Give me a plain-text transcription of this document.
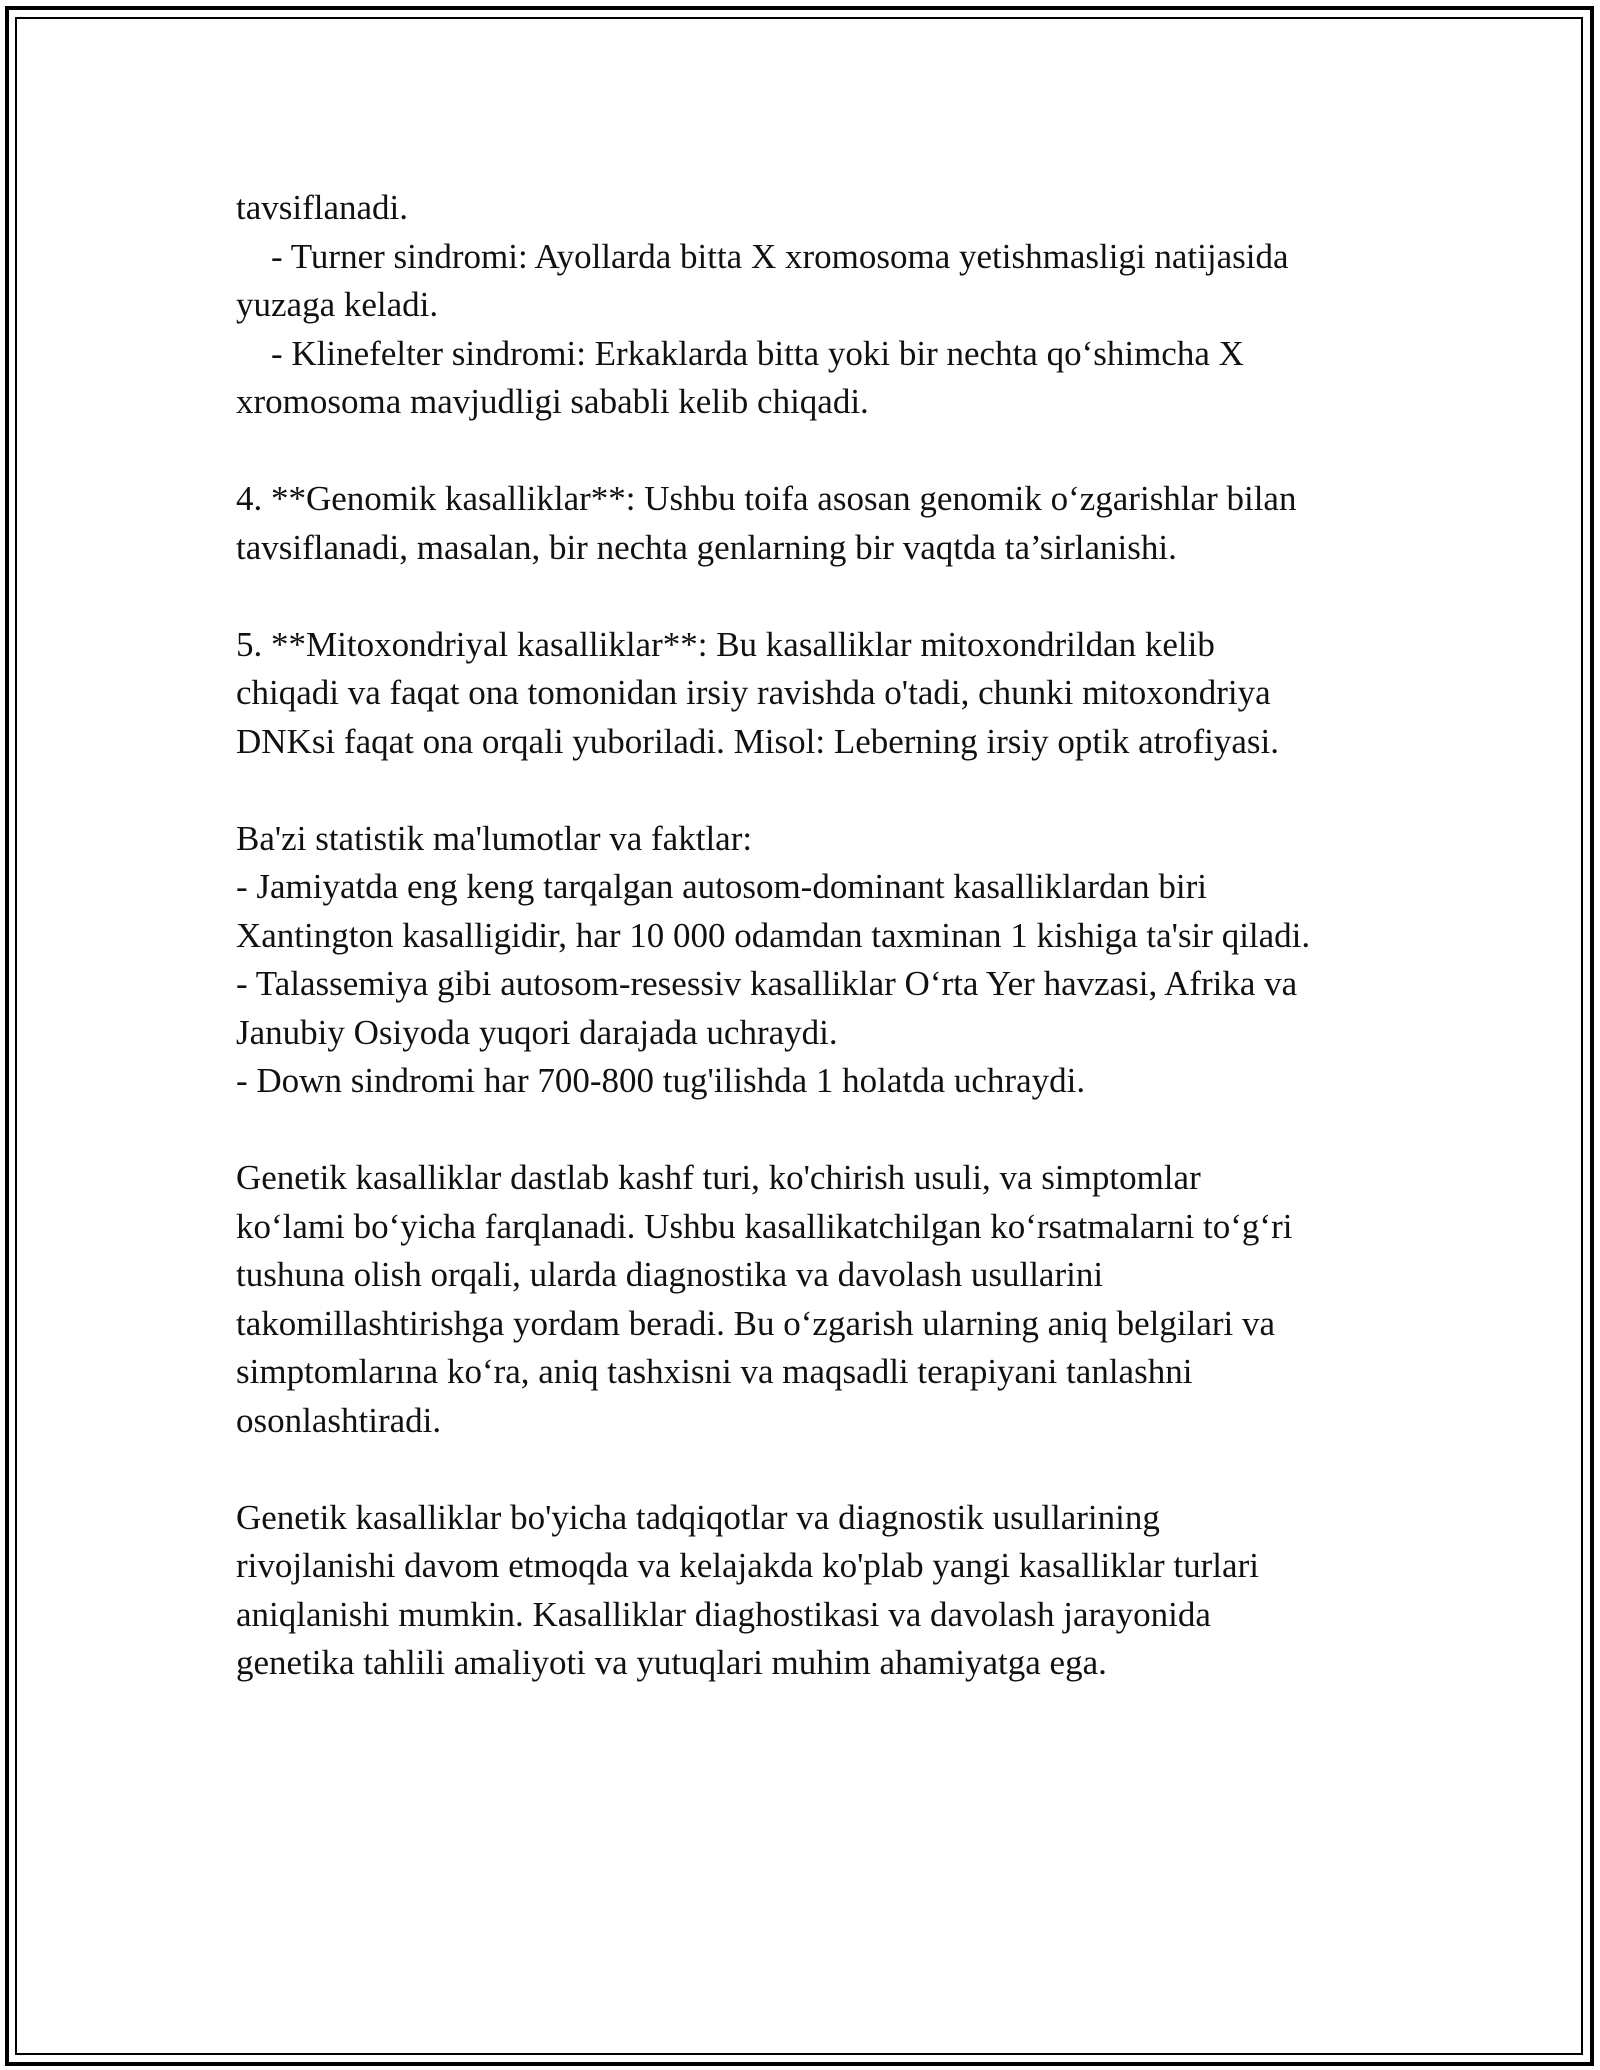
tavsiflanadi.
- Turner sindromi: Ayollarda bitta X xromosoma yetishmasligi natijasida
yuzaga keladi.
- Klinefelter sindromi: Erkaklarda bitta yoki bir nechta qo‘shimcha X
xromosoma mavjudligi sababli kelib chiqadi.
4. **Genomik kasalliklar**: Ushbu toifa asosan genomik o‘zgarishlar bilan
tavsiflanadi, masalan, bir nechta genlarning bir vaqtda ta’sirlanishi.
5. **Mitoxondriyal kasalliklar**: Bu kasalliklar mitoxondrildan kelib
chiqadi va faqat ona tomonidan irsiy ravishda o'tadi, chunki mitoxondriya
DNKsi faqat ona orqali yuboriladi. Misol: Leberning irsiy optik atrofiyasi.
Ba'zi statistik ma'lumotlar va faktlar:
- Jamiyatda eng keng tarqalgan autosom-dominant kasalliklardan biri
Xantington kasalligidir, har 10 000 odamdan taxminan 1 kishiga ta'sir qiladi.
- Talassemiya gibi autosom-resessiv kasalliklar O‘rta Yer havzasi, Afrika va
Janubiy Osiyoda yuqori darajada uchraydi.
- Down sindromi har 700-800 tug'ilishda 1 holatda uchraydi.
Genetik kasalliklar dastlab kashf turi, ko'chirish usuli, va simptomlar
ko‘lami bo‘yicha farqlanadi. Ushbu kasallikatchilgan ko‘rsatmalarni to‘g‘ri
tushuna olish orqali, ularda diagnostika va davolash usullarini
takomillashtirishga yordam beradi. Bu o‘zgarish ularning aniq belgilari va
simptomlarına ko‘ra, aniq tashxisni va maqsadli terapiyani tanlashni
osonlashtiradi.
Genetik kasalliklar bo'yicha tadqiqotlar va diagnostik usullarining
rivojlanishi davom etmoqda va kelajakda ko'plab yangi kasalliklar turlari
aniqlanishi mumkin. Kasalliklar diaghostikasi va davolash jarayonida
genetika tahlili amaliyoti va yutuqlari muhim ahamiyatga ega.
